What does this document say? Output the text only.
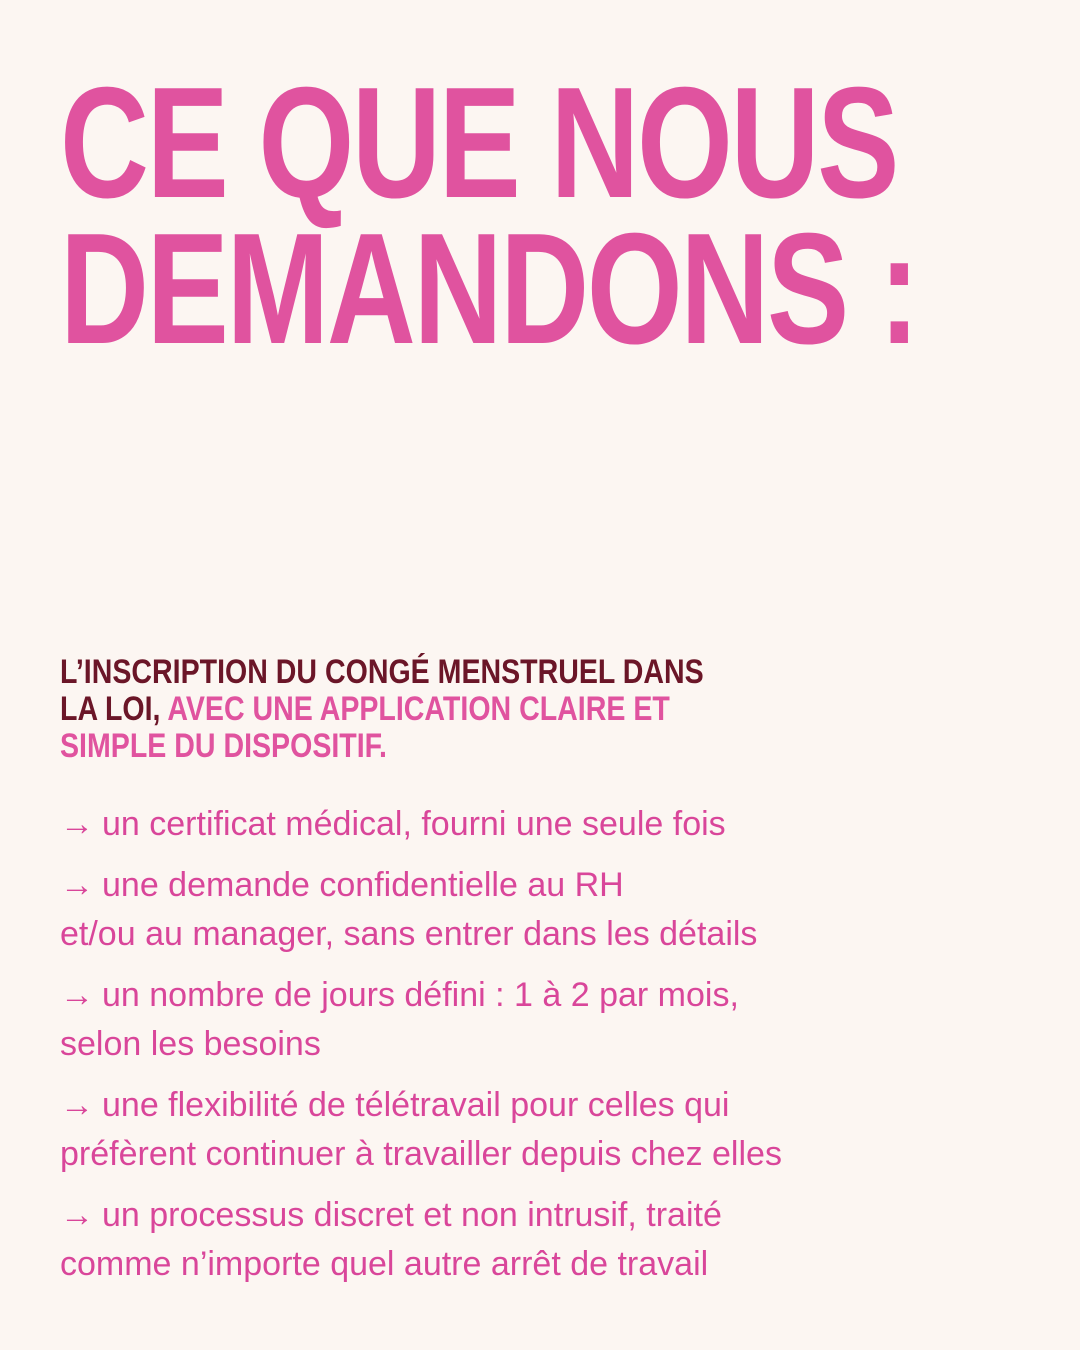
CE QUE NOUS
DEMANDONS :

L’INSCRIPTION DU CONGÉ MENSTRUEL DANS
LA LOI, AVEC UNE APPLICATION CLAIRE ET
SIMPLE DU DISPOSITIF.

→ un certificat médical, fourni une seule fois
→ une demande confidentielle au RH
et/ou au manager, sans entrer dans les détails
→ un nombre de jours défini : 1 à 2 par mois,
selon les besoins
→ une flexibilité de télétravail pour celles qui
préfèrent continuer à travailler depuis chez elles
→ un processus discret et non intrusif, traité
comme n’importe quel autre arrêt de travail
